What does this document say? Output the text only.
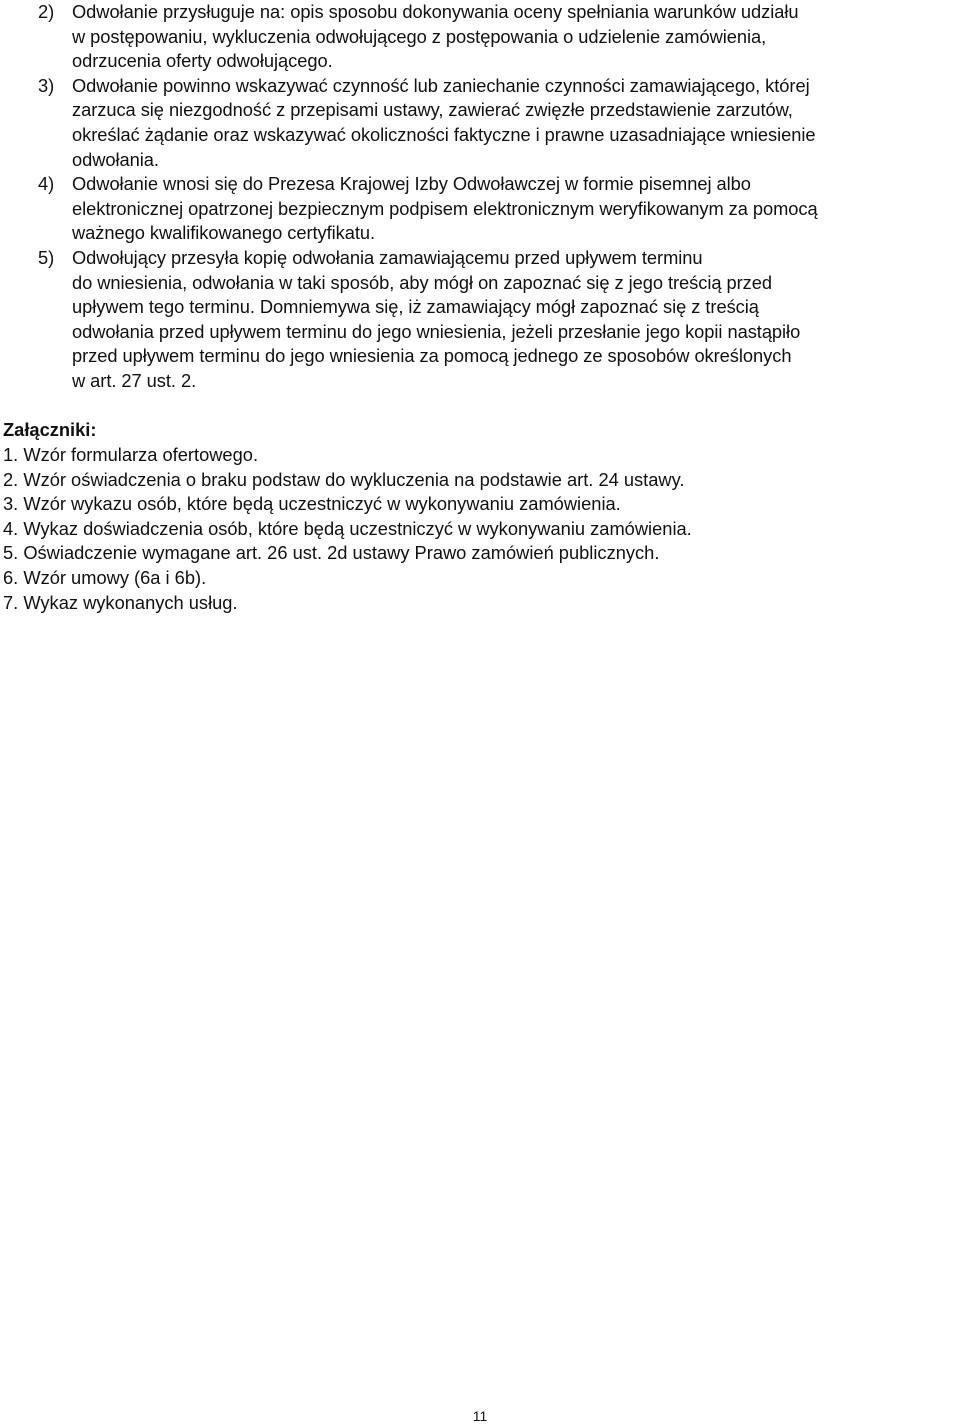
2) Odwołanie przysługuje na: opis sposobu dokonywania oceny spełniania warunków udziału
w postępowaniu, wykluczenia odwołującego z postępowania o udzielenie zamówienia,
odrzucenia oferty odwołującego.
3) Odwołanie powinno wskazywać czynność lub zaniechanie czynności zamawiającego, której
zarzuca się niezgodność z przepisami ustawy, zawierać zwięzłe przedstawienie zarzutów,
określać żądanie oraz wskazywać okoliczności faktyczne i prawne uzasadniające wniesienie
odwołania.
4) Odwołanie wnosi się do Prezesa Krajowej Izby Odwoławczej w formie pisemnej albo
elektronicznej opatrzonej bezpiecznym podpisem elektronicznym weryfikowanym za pomocą
ważnego kwalifikowanego certyfikatu.
5) Odwołujący przesyła kopię odwołania zamawiającemu przed upływem terminu
do wniesienia, odwołania w taki sposób, aby mógł on zapoznać się z jego treścią przed
upływem tego terminu. Domniemywa się, iż zamawiający mógł zapoznać się z treścią
odwołania przed upływem terminu do jego wniesienia, jeżeli przesłanie jego kopii nastąpiło
przed upływem terminu do jego wniesienia za pomocą jednego ze sposobów określonych
w art. 27 ust. 2.
Załączniki:
1. Wzór formularza ofertowego.
2. Wzór oświadczenia o braku podstaw do wykluczenia na podstawie art. 24 ustawy.
3. Wzór wykazu osób, które będą uczestniczyć w wykonywaniu zamówienia.
4. Wykaz doświadczenia osób, które będą uczestniczyć w wykonywaniu zamówienia.
5. Oświadczenie wymagane art. 26 ust. 2d ustawy Prawo zamówień publicznych.
6. Wzór umowy (6a i 6b).
7. Wykaz wykonanych usług.
11
